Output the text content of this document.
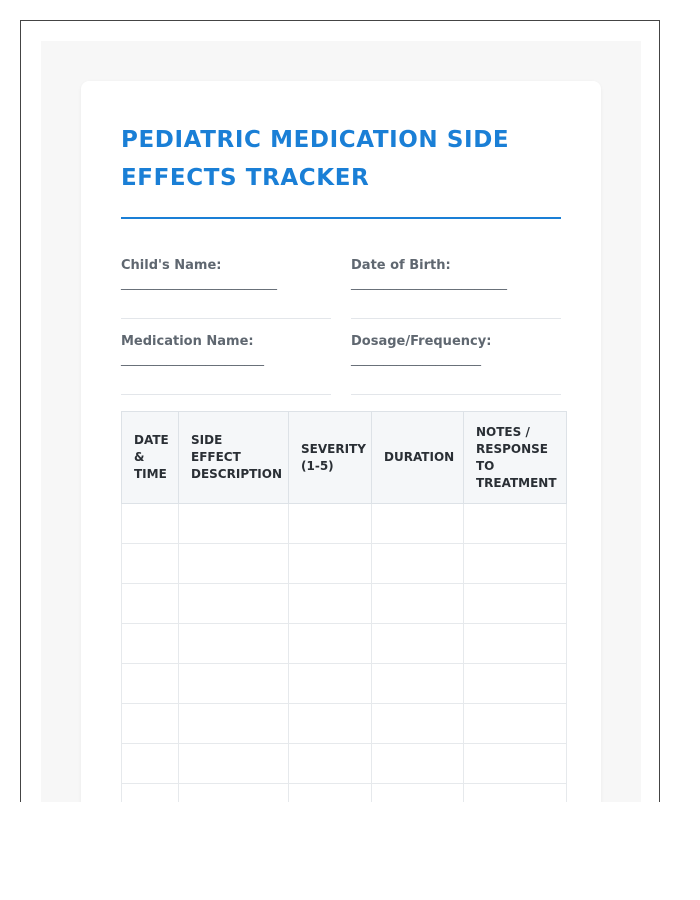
PEDIATRIC MEDICATION SIDE EFFECTS TRACKER
Child's Name:
________________________
Date of Birth:
________________________
Medication Name:
______________________
Dosage/Frequency:
____________________
DATE & TIME	SIDE EFFECT DESCRIPTION	SEVERITY (1-5)	DURATION	NOTES / RESPONSE TO TREATMENT
